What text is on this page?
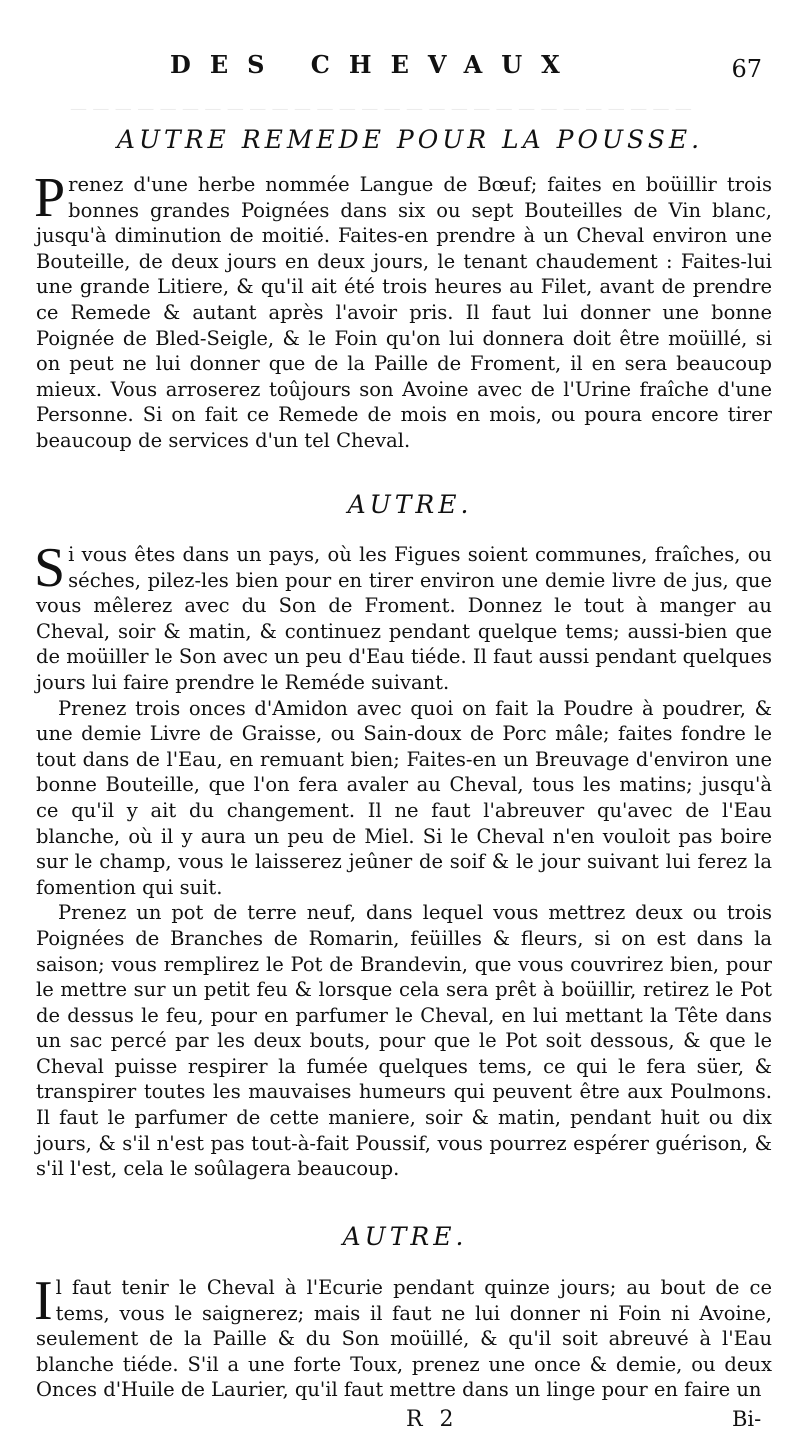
— — — — — — — — — — — — — — — — — — — — — — — — — — — —
DES CHEVAUX	67
AUTRE REMEDE POUR LA POUSSE.

Prenez d'une herbe nommée Langue de Bœuf; faites en boüillir trois bonnes grandes Poignées dans six ou sept Bouteilles de Vin blanc, jusqu'à diminution de moitié. Faites-en prendre à un Cheval environ une Bouteille, de deux jours en deux jours, le tenant chaudement : Faites-lui une grande Litiere, & qu'il ait été trois heures au Filet, avant de prendre ce Remede & autant après l'avoir pris. Il faut lui donner une bonne Poignée de Bled-Seigle, & le Foin qu'on lui donnera doit être moüillé, si on peut ne lui donner que de la Paille de Froment, il en sera beaucoup mieux. Vous arroserez toûjours son Avoine avec de l'Urine fraîche d'une Personne. Si on fait ce Remede de mois en mois, ou poura encore tirer beaucoup de services d'un tel Cheval.

AUTRE.

Si vous êtes dans un pays, où les Figues soient communes, fraîches, ou séches, pilez-les bien pour en tirer environ une demie livre de jus, que vous mêlerez avec du Son de Froment. Donnez le tout à manger au Cheval, soir & matin, & continuez pendant quelque tems; aussi-bien que de moüiller le Son avec un peu d'Eau tiéde. Il faut aussi pendant quelques jours lui faire prendre le Reméde suivant.

Prenez trois onces d'Amidon avec quoi on fait la Poudre à poudrer, & une demie Livre de Graisse, ou Sain-doux de Porc mâle; faites fondre le tout dans de l'Eau, en remuant bien; Faites-en un Breuvage d'environ une bonne Bouteille, que l'on fera avaler au Cheval, tous les matins; jusqu'à ce qu'il y ait du changement. Il ne faut l'abreuver qu'avec de l'Eau blanche, où il y aura un peu de Miel. Si le Cheval n'en vouloit pas boire sur le champ, vous le laisserez jeûner de soif & le jour suivant lui ferez la fomention qui suit.

Prenez un pot de terre neuf, dans lequel vous mettrez deux ou trois Poignées de Branches de Romarin, feüilles & fleurs, si on est dans la saison; vous remplirez le Pot de Brandevin, que vous couvrirez bien, pour le mettre sur un petit feu & lorsque cela sera prêt à boüillir, retirez le Pot de dessus le feu, pour en parfumer le Cheval, en lui mettant la Tête dans un sac percé par les deux bouts, pour que le Pot soit dessous, & que le Cheval puisse respirer la fumée quelques tems, ce qui le fera süer, & transpirer toutes les mauvaises humeurs qui peuvent être aux Poulmons. Il faut le parfumer de cette maniere, soir & matin, pendant huit ou dix jours, & s'il n'est pas tout-à-fait Poussif, vous pourrez espérer guérison, & s'il l'est, cela le soûlagera beaucoup.

AUTRE.

Il faut tenir le Cheval à l'Ecurie pendant quinze jours; au bout de ce tems, vous le saignerez; mais il faut ne lui donner ni Foin ni Avoine, seulement de la Paille & du Son moüillé, & qu'il soit abreuvé à l'Eau blanche tiéde. S'il a une forte Toux, prenez une once & demie, ou deux Onces d'Huile de Laurier, qu'il faut mettre dans un linge pour en faire un

R 2	Bi-
